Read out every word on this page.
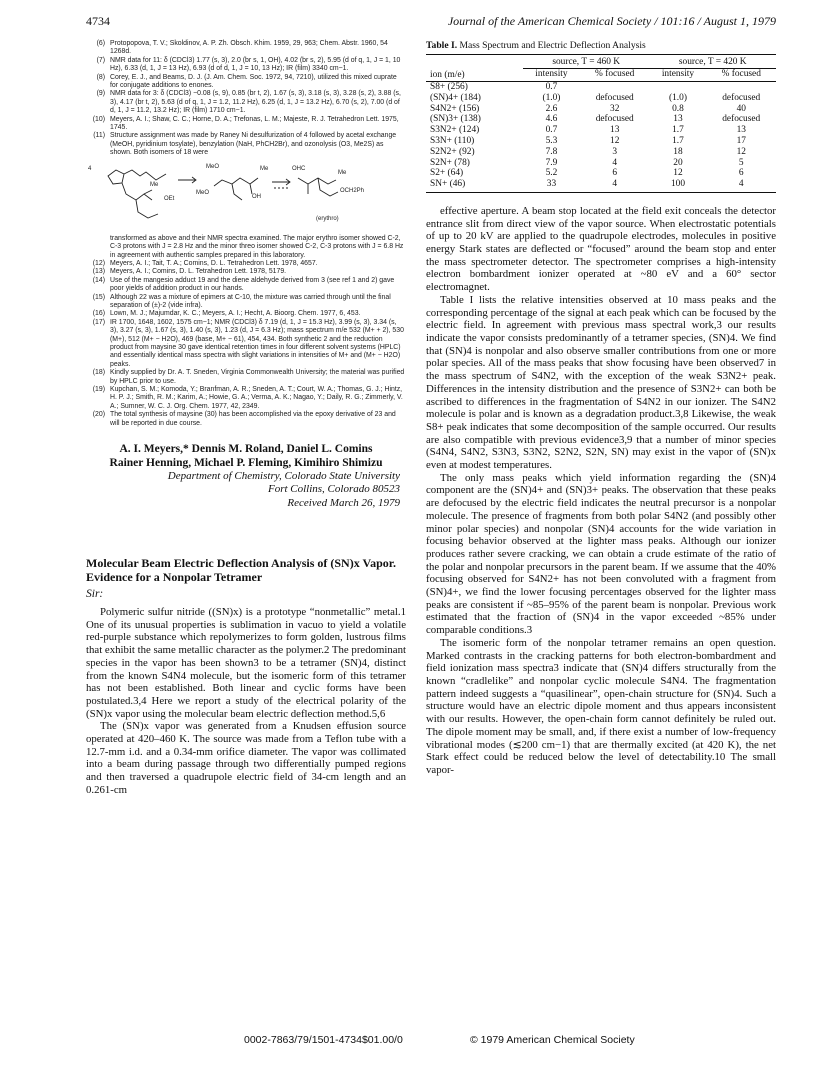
4734	Journal of the American Chemical Society / 101:16 / August 1, 1979
(6) Protopopova, T. V.; Skoldinov, A. P. Zh. Obsch. Khim. 1959, 29, 963; Chem. Abstr. 1960, 54 1268d.
(7) NMR data for 11: δ (CDCl3) 1.77 (s, 3), 2.0 (br s, 1, OH), 4.02 (br s, 2), 5.95 (d of q, 1, J = 1, 10 Hz), 6.33 (d, 1, J = 13 Hz), 6.93 (d of d, 1, J = 10, 13 Hz); IR (film) 3340 cm−1.
(8) Corey, E. J., and Beams, D. J. (J. Am. Chem. Soc. 1972, 94, 7210), utilized this mixed cuprate for conjugate additions to enones.
(9) NMR data for 3: δ (CDCl3) −0.08 (s, 9), 0.85 (br t, 2), 1.67 (s, 3), 3.18 (s, 3), 3.28 (s, 2), 3.88 (s, 3), 4.17 (br t, 2), 5.63 (d of q, 1, J = 1.2, 11.2 Hz), 6.25 (d, 1, J = 13.2 Hz), 6.70 (s, 2), 7.00 (d of d, 1, J = 11.2, 13.2 Hz); IR (film) 1710 cm−1.
(10) Meyers, A. I.; Shaw, C. C.; Horne, D. A.; Trefonas, L. M.; Majeste, R. J. Tetrahedron Lett. 1975, 1745.
(11) Structure assignment was made by Raney Ni desulfurization of 4 followed by acetal exchange (MeOH, pyridinium tosylate), benzylation (NaH, PhCH2Br), and ozonolysis (O3, Me2S) as shown. Both isomers of 18 were
4
OEt
Me
MeO	Me
MeO
OH
OHC
Me
OCH2Ph
(erythro)
transformed as above and their NMR spectra examined. The major erythro isomer showed C-2, C-3 protons with J = 2.8 Hz and the minor threo isomer showed C-2, C-3 protons with J = 6.8 Hz in agreement with authentic samples prepared in this laboratory.
(12) Meyers, A. I.; Tait, T. A.; Comins, D. L. Tetrahedron Lett. 1978, 4657.
(13) Meyers, A. I.; Comins, D. L. Tetrahedron Lett. 1978, 5179.
(14) Use of the mangesio adduct 19 and the diene aldehyde derived from 3 (see ref 1 and 2) gave poor yields of addition product in our hands.
(15) Although 22 was a mixture of epimers at C-10, the mixture was carried through until the final separation of (±)-2 (vide infra).
(16) Lown, M. J.; Majumdar, K. C.; Meyers, A. I.; Hecht, A. Bioorg. Chem. 1977, 6, 453.
(17) IR 1700, 1648, 1602, 1575 cm−1; NMR (CDCl3) δ 7.19 (d, 1, J = 15.3 Hz), 3.99 (s, 3), 3.34 (s, 3), 3.27 (s, 3), 1.67 (s, 3), 1.40 (s, 3), 1.23 (d, J = 6.3 Hz); mass spectrum m/e 532 (M+ + 2), 530 (M+), 512 (M+ − H2O), 469 (base, M+ − 61), 454, 434. Both synthetic 2 and the reduction product from maysine 30 gave identical retention times in four different solvent systems (HPLC) and essentially identical mass spectra with slight variations in intensities of M+ and (M+ − H2O) peaks.
(18) Kindly supplied by Dr. A. T. Sneden, Virginia Commonwealth University; the material was purified by HPLC prior to use.
(19) Kupchan, S. M.; Komoda, Y.; Branfman, A. R.; Sneden, A. T.; Court, W. A.; Thomas, G. J.; Hintz, H. P. J.; Smith, R. M.; Karim, A.; Howie, G. A.; Verma, A. K.; Nagao, Y.; Daily, R. G.; Zimmerly, V. A.; Sumner, W. C. J. Org. Chem. 1977, 42, 2349.
(20) The total synthesis of maysine (30) has been accomplished via the epoxy derivative of 23 and will be reported in due course.
A. I. Meyers,* Dennis M. Roland, Daniel L. Comins
Rainer Henning, Michael P. Fleming, Kimihiro Shimizu
Department of Chemistry, Colorado State University
Fort Collins, Colorado 80523
Received March 26, 1979
Molecular Beam Electric Deflection Analysis of (SN)x Vapor. Evidence for a Nonpolar Tetramer
Sir:

Polymeric sulfur nitride ((SN)x) is a prototype “nonmetallic” metal.1 One of its unusual properties is sublimation in vacuo to yield a volatile red-purple substance which repolymerizes to form golden, lustrous films that exhibit the same metallic character as the polymer.2 The predominant species in the vapor has been shown3 to be a tetramer (SN)4, distinct from the known S4N4 molecule, but the isomeric form of this tetramer has not been established. Both linear and cyclic forms have been postulated.3,4 Here we report a study of the electrical polarity of the (SN)x vapor using the molecular beam electric deflection method.5,6

The (SN)x vapor was generated from a Knudsen effusion source operated at 420–460 K. The source was made from a Teflon tube with a 12.7-mm i.d. and a 0.34-mm orifice diameter. The vapor was collimated into a beam during passage through two differentially pumped regions and then traversed a quadrupole electric field of 34-cm length and an 0.261-cm

Table I. Mass Spectrum and Electric Deflection Analysis
ion (m/e)	source, T = 460 K		source, T = 420 K	
	intensity	% focused	intensity	% focused
S8+ (256)	0.7			
(SN)4+ (184)	(1.0)	defocused	(1.0)	defocused
S4N2+ (156)	2.6	32	0.8	40
(SN)3+ (138)	4.6	defocused	13	defocused
S3N2+ (124)	0.7	13	1.7	13
S3N+ (110)	5.3	12	1.7	17
S2N2+ (92)	7.8	3	18	12
S2N+ (78)	7.9	4	20	5
S2+ (64)	5.2	6	12	6
SN+ (46)	33	4	100	4

effective aperture. A beam stop located at the field exit conceals the detector entrance slit from direct view of the vapor source. When electrostatic potentials of up to 20 kV are applied to the quadrupole electrodes, molecules in positive energy Stark states are deflected or “focused” around the beam stop and enter the mass spectrometer detector. The spectrometer comprises a high-intensity electron bombardment ionizer operated at ~80 eV and a 60° sector electromagnet.

Table I lists the relative intensities observed at 10 mass peaks and the corresponding percentage of the signal at each peak which can be focused by the electric field. In agreement with previous mass spectral work,3 our results indicate the vapor consists predominantly of a tetramer species, (SN)4. We find that (SN)4 is nonpolar and also observe smaller contributions from one or more polar species. All of the mass peaks that show focusing have been observed7 in the mass spectrum of S4N2, with the exception of the weak S3N2+ peak. Differences in the intensity distribution and the presence of S3N2+ can both be ascribed to differences in the fragmentation of S4N2 in our ionizer. The S4N2 molecule is polar and is known as a degradation product.3,8 Likewise, the weak S8+ peak indicates that some decomposition of the sample occurred. Our results are also compatible with previous evidence3,9 that a number of minor species (S4N4, S4N2, S3N3, S3N2, S2N2, S2N, SN) may exist in the vapor of (SN)x even at modest temperatures.

The only mass peaks which yield information regarding the (SN)4 component are the (SN)4+ and (SN)3+ peaks. The observation that these peaks are defocused by the electric field indicates the neutral precursor is a nonpolar molecule. The presence of fragments from both polar S4N2 (and possibly other minor polar species) and nonpolar (SN)4 accounts for the wide variation in focusing behavior observed at the lighter mass peaks. Although our ionizer produces rather severe cracking, we can obtain a crude estimate of the ratio of the polar and nonpolar precursors in the parent beam. If we assume that the 40% focusing observed for S4N2+ has not been convoluted with a fragment from (SN)4+, we find the lower focusing percentages observed for the lighter mass peaks are consistent if ~85–95% of the parent beam is nonpolar. Previous work estimated that the fraction of (SN)4 in the vapor exceeded ~85% under comparable conditions.3

The isomeric form of the nonpolar tetramer remains an open question. Marked contrasts in the cracking patterns for both electron-bombardment and field ionization mass spectra3 indicate that (SN)4 differs structurally from the known “cradlelike” and nonpolar cyclic molecule S4N4. The fragmentation pattern indeed suggests a “quasilinear”, open-chain structure for (SN)4. Such a structure would have an electric dipole moment and thus appears inconsistent with our results. However, the open-chain form cannot definitely be ruled out. The dipole moment may be small, and, if there exist a number of low-frequency vibrational modes (≲200 cm−1) that are thermally excited (at 420 K), the net Stark effect could be reduced below the level of detectability.10 The small vapor-

0002-7863/79/1501-4734$01.00/0	© 1979 American Chemical Society
